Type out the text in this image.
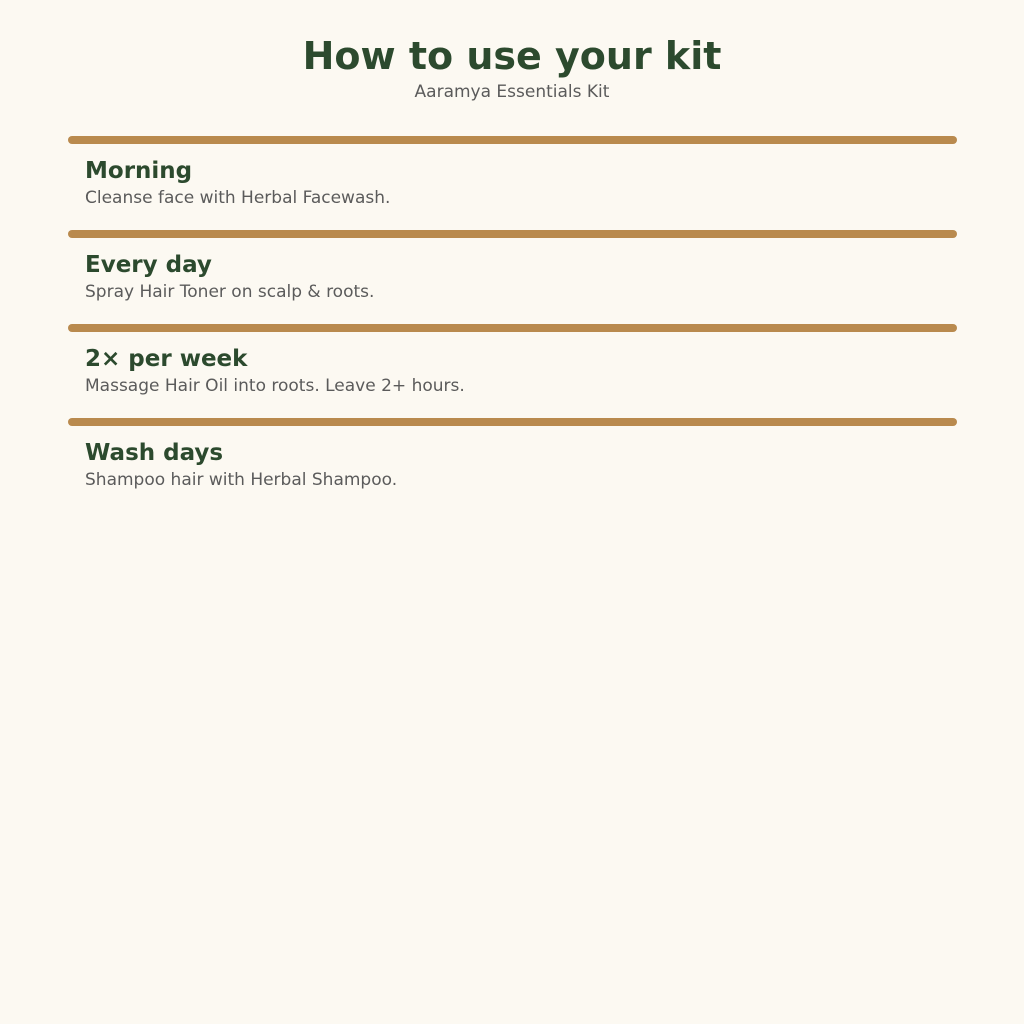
How to use your kit
Aaramya Essentials Kit
Morning
Cleanse face with Herbal Facewash.
Every day
Spray Hair Toner on scalp & roots.
2× per week
Massage Hair Oil into roots. Leave 2+ hours.
Wash days
Shampoo hair with Herbal Shampoo.
